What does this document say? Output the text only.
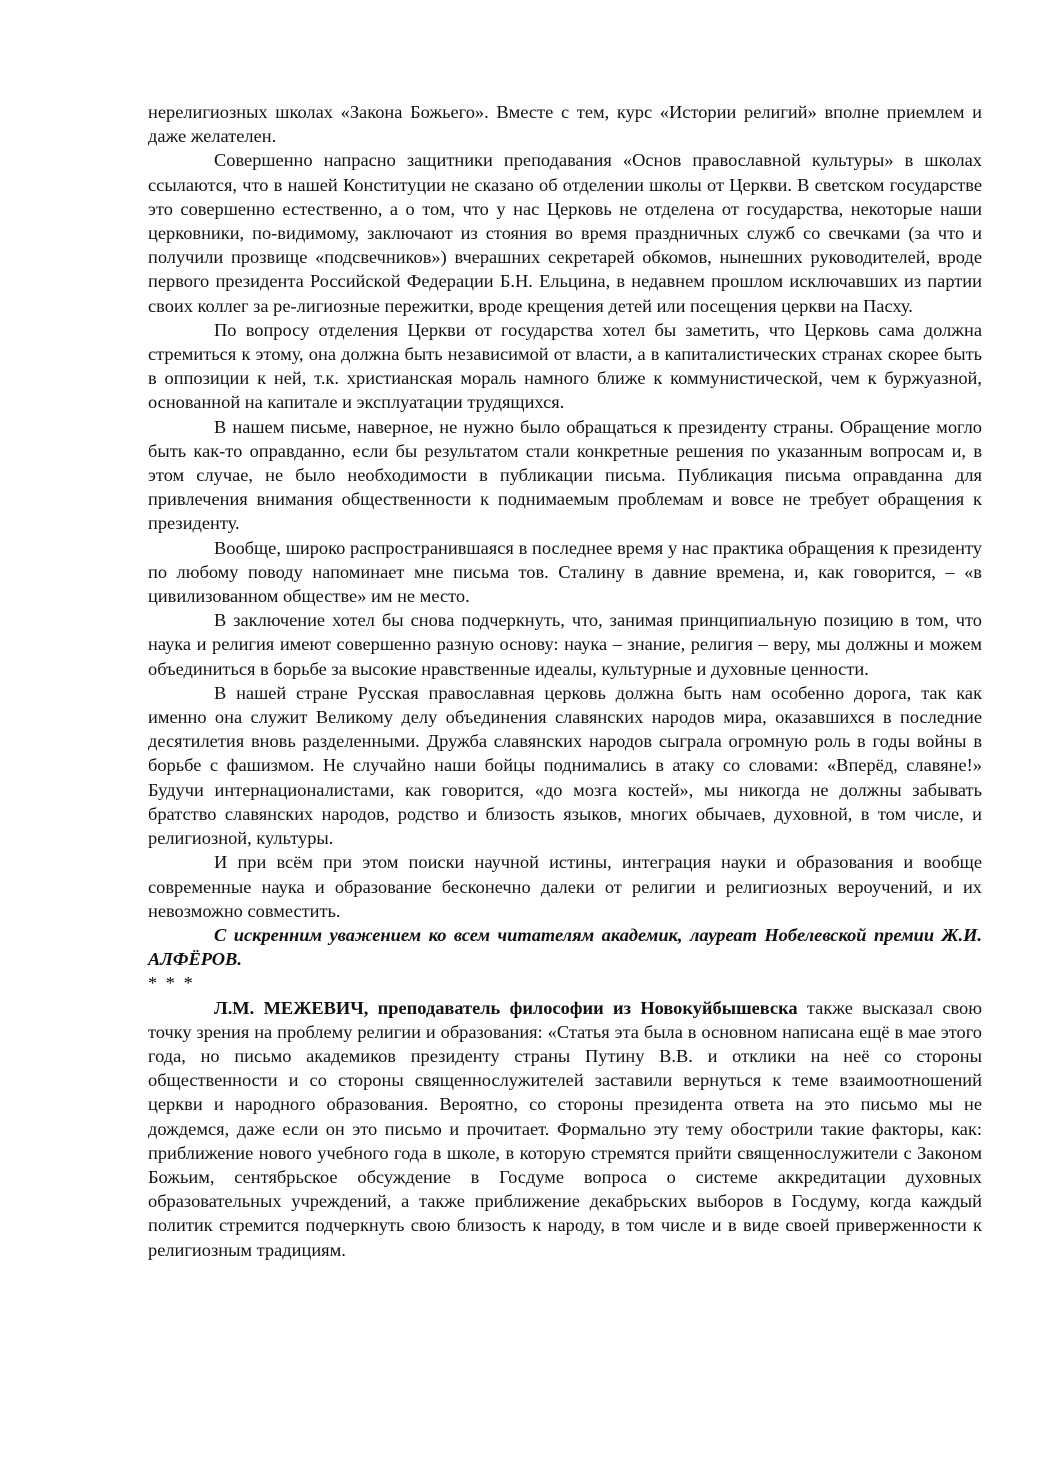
нерелигиозных школах «Закона Божьего». Вместе с тем, курс «Истории религий» вполне приемлем и даже желателен.

Совершенно напрасно защитники преподавания «Основ православной культуры» в школах ссылаются, что в нашей Конституции не сказано об отделении школы от Церкви. В светском государстве это совершенно естественно, а о том, что у нас Церковь не отделена от государства, некоторые наши церковники, по-видимому, заключают из стояния во время праздничных служб со свечками (за что и получили прозвище «подсвечников») вчерашних секретарей обкомов, нынешних руководителей, вроде первого президента Российской Федерации Б.Н. Ельцина, в недавнем прошлом исключавших из партии своих коллег за ре-лигиозные пережитки, вроде крещения детей или посещения церкви на Пасху.

По вопросу отделения Церкви от государства хотел бы заметить, что Церковь сама должна стремиться к этому, она должна быть независимой от власти, а в капиталистических странах скорее быть в оппозиции к ней, т.к. христианская мораль намного ближе к коммунистической, чем к буржуазной, основанной на капитале и эксплуатации трудящихся.

В нашем письме, наверное, не нужно было обращаться к президенту страны. Обращение могло быть как-то оправданно, если бы результатом стали конкретные решения по указанным вопросам и, в этом случае, не было необходимости в публикации письма. Публикация письма оправданна для привлечения внимания общественности к поднимаемым проблемам и вовсе не требует обращения к президенту.

Вообще, широко распространившаяся в последнее время у нас практика обращения к президенту по любому поводу напоминает мне письма тов. Сталину в давние времена, и, как говорится, – «в цивилизованном обществе» им не место.

В заключение хотел бы снова подчеркнуть, что, занимая принципиальную позицию в том, что наука и религия имеют совершенно разную основу: наука – знание, религия – веру, мы должны и можем объединиться в борьбе за высокие нравственные идеалы, культурные и духовные ценности.

В нашей стране Русская православная церковь должна быть нам особенно дорога, так как именно она служит Великому делу объединения славянских народов мира, оказавшихся в последние десятилетия вновь разделенными. Дружба славянских народов сыграла огромную роль в годы войны в борьбе с фашизмом. Не случайно наши бойцы поднимались в атаку со словами: «Вперёд, славяне!» Будучи интернационалистами, как говорится, «до мозга костей», мы никогда не должны забывать братство славянских народов, родство и близость языков, многих обычаев, духовной, в том числе, и религиозной, культуры.

И при всём при этом поиски научной истины, интеграция науки и образования и вообще современные наука и образование бесконечно далеки от религии и религиозных вероучений, и их невозможно совместить.

С искренним уважением ко всем читателям академик, лауреат Нобелевской премии Ж.И. АЛФЁРОВ.

* * *

Л.М. МЕЖЕВИЧ, преподаватель философии из Новокуйбышевска также высказал свою точку зрения на проблему религии и образования: «Статья эта была в основном написана ещё в мае этого года, но письмо академиков президенту страны Путину В.В. и отклики на неё со стороны общественности и со стороны священнослужителей заставили вернуться к теме взаимоотношений церкви и народного образования. Вероятно, со стороны президента ответа на это письмо мы не дождемся, даже если он это письмо и прочитает. Формально эту тему обострили такие факторы, как: приближение нового учебного года в школе, в которую стремятся прийти священнослужители с Законом Божьим, сентябрьское обсуждение в Госдуме вопроса о системе аккредитации духовных образовательных учреждений, а также приближение декабрьских выборов в Госдуму, когда каждый политик стремится подчеркнуть свою близость к народу, в том числе и в виде своей приверженности к религиозным традициям.
